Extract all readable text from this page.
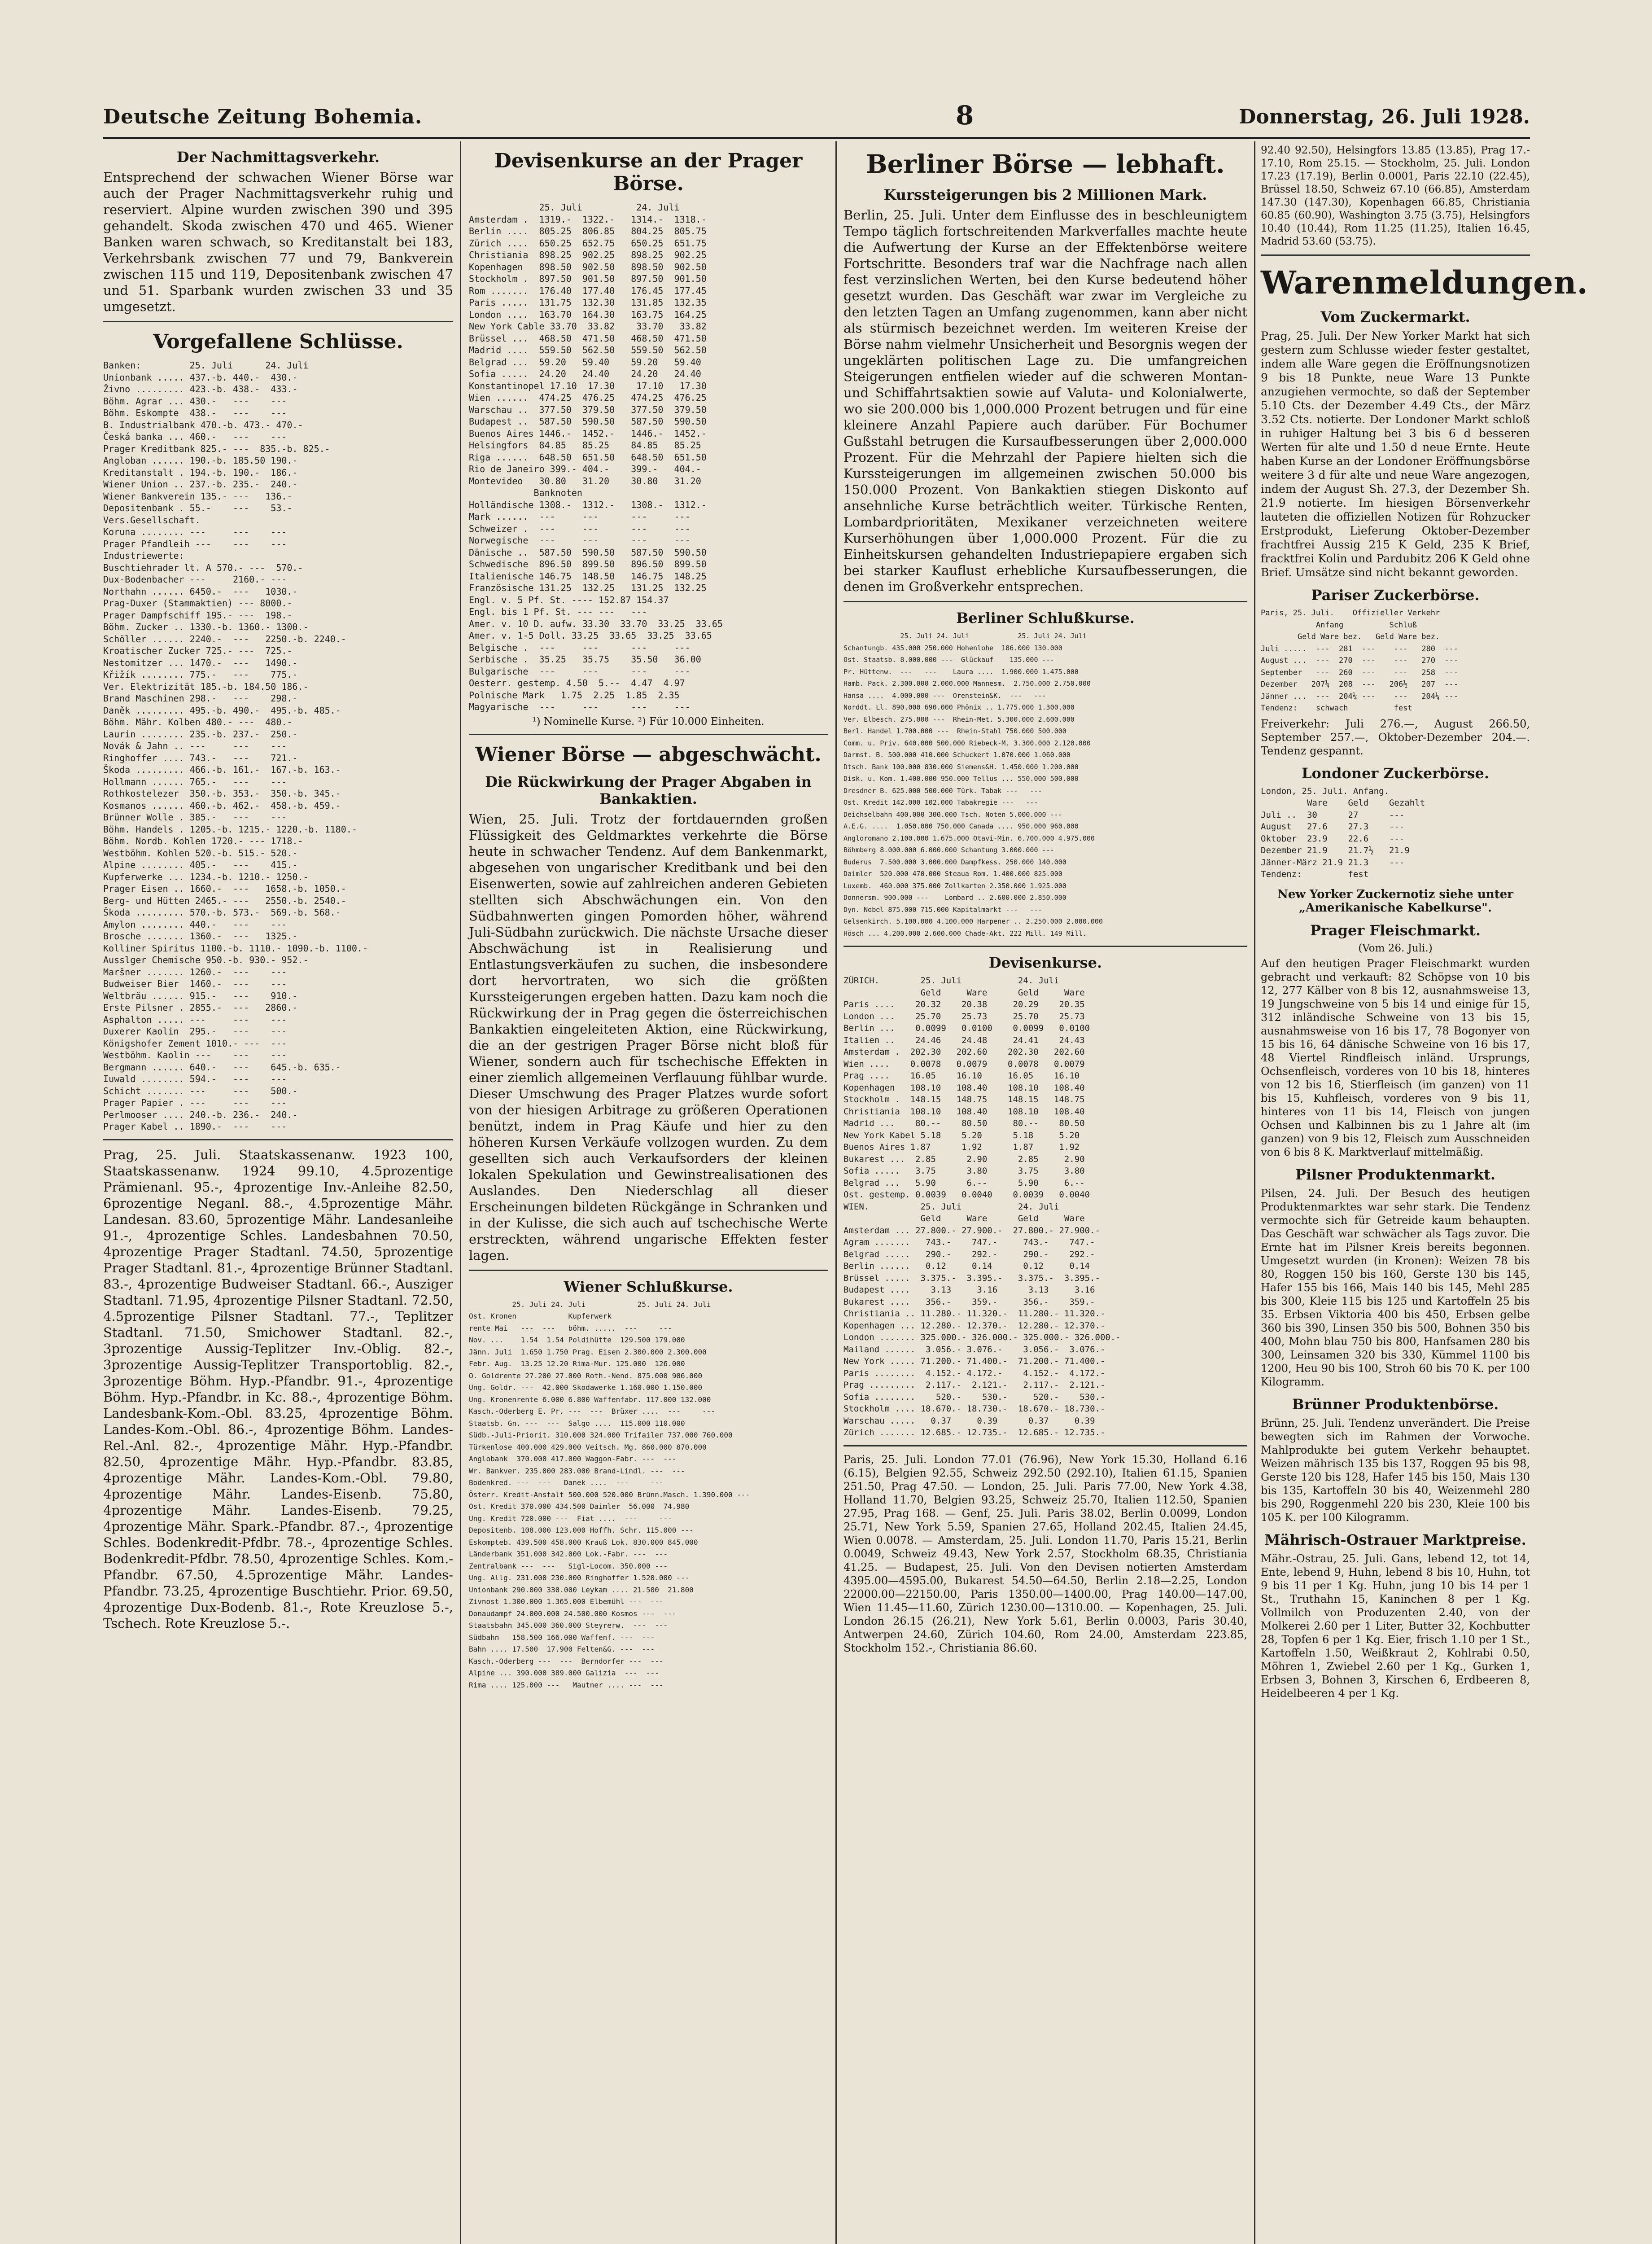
Deutsche Zeitung Bohemia.	8	Donnerstag, 26. Juli 1928.
Der Nachmittagsverkehr.

Entsprechend der schwachen Wiener Börse war auch der Prager Nachmittagsverkehr ruhig und reserviert. Alpine wurden zwischen 390 und 395 gehandelt. Skoda zwischen 470 und 465. Wiener Banken waren schwach, so Kreditanstalt bei 183, Verkehrsbank zwischen 77 und 79, Bankverein zwischen 115 und 119, Depositenbank zwischen 47 und 51. Sparbank wurden zwischen 33 und 35 umgesetzt.

Vorgefallene Schlüsse.
Banken:         25. Juli      24. Juli
Unionbank ..... 437.-b. 440.-  430.-
Živno ......... 423.-b. 438.-  433.-
Böhm. Agrar ... 430.-   ---    ---
Böhm. Eskompte  438.-   ---    ---
B. Industrialbank 470.-b. 473.- 470.-
Česká banka ... 460.-   ---    ---
Prager Kreditbank 825.- ---  835.-b. 825.-
Angloban ...... 190.-b. 185.50 190.-
Kreditanstalt . 194.-b. 190.-  186.-
Wiener Union .. 237.-b. 235.-  240.-
Wiener Bankverein 135.- ---   136.-
Depositenbank . 55.-    ---    53.-
Vers.Gesellschaft.
Koruna ........ ---     ---    ---
Prager Pfandleih ---    ---    ---
Industriewerte:
Buschtiehrader lt. A 570.- ---  570.-
Dux-Bodenbacher ---     2160.- ---
Northahn ...... 6450.-  ---   1030.-
Prag-Duxer (Stammaktien) --- 8000.-
Prager Dampfschiff 195.- ---  198.-
Böhm. Zucker .. 1330.-b. 1360.- 1300.-
Schöller ...... 2240.-  ---   2250.-b. 2240.-
Kroatischer Zucker 725.- ---  725.-
Nestomitzer ... 1470.-  ---   1490.-
Křižík ........ 775.-   ---    775.-
Ver. Elektrizität 185.-b. 184.50 186.-
Brand Maschinen 298.-   ---    298.-
Daněk ......... 495.-b. 490.-  495.-b. 485.-
Böhm. Mähr. Kolben 480.- ---  480.-
Laurin ........ 235.-b. 237.-  250.-
Novák & Jahn .. ---     ---    ---
Ringhoffer .... 743.-   ---    721.-
Škoda ......... 466.-b. 161.-  167.-b. 163.-
Hollmann ...... 765.-   ---    ---
Rothkostelezer  350.-b. 353.-  350.-b. 345.-
Kosmanos ...... 460.-b. 462.-  458.-b. 459.-
Brünner Wolle . 385.-   ---    ---
Böhm. Handels . 1205.-b. 1215.- 1220.-b. 1180.-
Böhm. Nordb. Kohlen 1720.- --- 1718.-
Westböhm. Kohlen 520.-b. 515.- 520.-
Alpine ........ 405.-   ---    415.-
Kupferwerke ... 1234.-b. 1210.- 1250.-
Prager Eisen .. 1660.-  ---   1658.-b. 1050.-
Berg- und Hütten 2465.- ---   2550.-b. 2540.-
Škoda ......... 570.-b. 573.-  569.-b. 568.-
Amylon ........ 440.-   ---    ---
Brosche ....... 1360.-  ---   1325.-
Kolliner Spiritus 1100.-b. 1110.- 1090.-b. 1100.-
Ausslger Chemische 950.-b. 930.- 952.-
Maršner ....... 1260.-  ---    ---
Budweiser Bier  1460.-  ---    ---
Weltbräu ...... 915.-   ---    910.-
Erste Pilsner . 2855.-  ---   2860.-
Asphalton ..... ---     ---    ---
Duxerer Kaolin  295.-   ---    ---
Königshofer Zement 1010.- ---  ---
Westböhm. Kaolin ---    ---    ---
Bergmann ...... 640.-   ---    645.-b. 635.-
Iuwald ........ 594.-   ---    ---
Schicht ....... ---     ---    500.-
Prager Papier . ---     ---    ---
Perlmooser .... 240.-b. 236.-  240.-
Prager Kabel .. 1890.-  ---    ---

Prag, 25. Juli. Staatskassenanw. 1923 100, Staatskassenanw. 1924 99.10, 4.5prozentige Prämienanl. 95.-, 4prozentige Inv.-Anleihe 82.50, 6prozentige Neganl. 88.-, 4.5prozentige Mähr. Landesan. 83.60, 5prozentige Mähr. Landesanleihe 91.-, 4prozentige Schles. Landesbahnen 70.50, 4prozentige Prager Stadtanl. 74.50, 5prozentige Prager Stadtanl. 81.-, 4prozentige Brünner Stadtanl. 83.-, 4prozentige Budweiser Stadtanl. 66.-, Ausziger Stadtanl. 71.95, 4prozentige Pilsner Stadtanl. 72.50, 4.5prozentige Pilsner Stadtanl. 77.-, Teplitzer Stadtanl. 71.50, Smichower Stadtanl. 82.-, 3prozentige Aussig-Teplitzer Inv.-Oblig. 82.-, 3prozentige Aussig-Teplitzer Transportoblig. 82.-, 3prozentige Böhm. Hyp.-Pfandbr. 91.-, 4prozentige Böhm. Hyp.-Pfandbr. in Kc. 88.-, 4prozentige Böhm. Landesbank-Kom.-Obl. 83.25, 4prozentige Böhm. Landes-Kom.-Obl. 86.-, 4prozentige Böhm. Landes-Rel.-Anl. 82.-, 4prozentige Mähr. Hyp.-Pfandbr. 82.50, 4prozentige Mähr. Hyp.-Pfandbr. 83.85, 4prozentige Mähr. Landes-Kom.-Obl. 79.80, 4prozentige Mähr. Landes-Eisenb. 75.80, 4prozentige Mähr. Landes-Eisenb. 79.25, 4prozentige Mähr. Spark.-Pfandbr. 87.-, 4prozentige Schles. Bodenkredit-Pfdbr. 78.-, 4prozentige Schles. Bodenkredit-Pfdbr. 78.50, 4prozentige Schles. Kom.-Pfandbr. 67.50, 4.5prozentige Mähr. Landes-Pfandbr. 73.25, 4prozentige Buschtiehr. Prior. 69.50, 4prozentige Dux-Bodenb. 81.-, Rote Kreuzlose 5.-, Tschech. Rote Kreuzlose 5.-.

Devisenkurse an der Prager Börse.
25. Juli          24. Juli
Amsterdam .  1319.-  1322.-   1314.-  1318.-
Berlin ....  805.25  806.85   804.25  805.75
Zürich ....  650.25  652.75   650.25  651.75
Christiania  898.25  902.25   898.25  902.25
Kopenhagen   898.50  902.50   898.50  902.50
Stockholm .  897.50  901.50   897.50  901.50
Rom .......  176.40  177.40   176.45  177.45
Paris .....  131.75  132.30   131.85  132.35
London ....  163.70  164.30   163.75  164.25
New York Cable 33.70  33.82    33.70   33.82
Brüssel ...  468.50  471.50   468.50  471.50
Madrid ....  559.50  562.50   559.50  562.50
Belgrad ...  59.20   59.40    59.20   59.40
Sofia .....  24.20   24.40    24.20   24.40
Konstantinopel 17.10  17.30    17.10   17.30
Wien ......  474.25  476.25   474.25  476.25
Warschau ..  377.50  379.50   377.50  379.50
Budapest ..  587.50  590.50   587.50  590.50
Buenos Aires 1446.-  1452.-   1446.-  1452.-
Helsingfors  84.85   85.25    84.85   85.25
Riga ......  648.50  651.50   648.50  651.50
Rio de Janeiro 399.- 404.-    399.-   404.-
Montevideo   30.80   31.20    30.80   31.20
Banknoten
Holländische 1308.-  1312.-   1308.-  1312.-
Mark ......  ---     ---      ---     ---
Schweizer .  ---     ---      ---     ---
Norwegische  ---     ---      ---     ---
Dänische ..  587.50  590.50   587.50  590.50
Schwedische  896.50  899.50   896.50  899.50
Italienische 146.75  148.50   146.75  148.25
Französische 131.25  132.25   131.25  132.25
Engl. v. 5 Pf. St. ---- 152.87 154.37
Engl. bis 1 Pf. St. --- ---   ---
Amer. v. 10 D. aufw. 33.30  33.70  33.25  33.65
Amer. v. 1-5 Doll. 33.25  33.65  33.25  33.65
Belgische .  ---     ---      ---     ---
Serbische .  35.25   35.75    35.50   36.00
Bulgarische  ---     ---      ---     ---
Oesterr. gestemp. 4.50  5.--  4.47  4.97
Polnische Mark   1.75  2.25  1.85  2.35
Magyarische  ---     ---      ---     ---
¹) Nominelle Kurse. ²) Für 10.000 Einheiten.
Wiener Börse — abgeschwächt.
Die Rückwirkung der Prager Abgaben in Bankaktien.

Wien, 25. Juli. Trotz der fortdauernden großen Flüssigkeit des Geldmarktes verkehrte die Börse heute in schwacher Tendenz. Auf dem Bankenmarkt, abgesehen von ungarischer Kreditbank und bei den Eisenwerten, sowie auf zahlreichen anderen Gebieten stellten sich Abschwächungen ein. Von den Südbahnwerten gingen Pomorden höher, während Juli-Südbahn zurückwich. Die nächste Ursache dieser Abschwächung ist in Realisierung und Entlastungsverkäufen zu suchen, die insbesondere dort hervortraten, wo sich die größten Kurssteigerungen ergeben hatten. Dazu kam noch die Rückwirkung der in Prag gegen die österreichischen Bankaktien eingeleiteten Aktion, eine Rückwirkung, die an der gestrigen Prager Börse nicht bloß für Wiener, sondern auch für tschechische Effekten in einer ziemlich allgemeinen Verflauung fühlbar wurde. Dieser Umschwung des Prager Platzes wurde sofort von der hiesigen Arbitrage zu größeren Operationen benützt, indem in Prag Käufe und hier zu den höheren Kursen Verkäufe vollzogen wurden. Zu dem gesellten sich auch Verkaufsorders der kleinen lokalen Spekulation und Gewinstrealisationen des Auslandes. Den Niederschlag all dieser Erscheinungen bildeten Rückgänge in Schranken und in der Kulisse, die sich auch auf tschechische Werte erstreckten, während ungarische Effekten fester lagen.

Wiener Schlußkurse.
25. Juli 24. Juli            25. Juli 24. Juli
Ost. Kronen            Kupferwerk
rente Mai   ---  ---   böhm. .....  ---     ---
Nov. ...    1.54  1.54 Poldihütte  129.500 179.000
Jänn. Juli  1.650 1.750 Prag. Eisen 2.300.000 2.300.000
Febr. Aug.  13.25 12.20 Rima-Mur. 125.000  126.000
O. Goldrente 27.200 27.000 Roth.-Nend. 875.000 906.000
Ung. Goldr. ---  42.000 Skodawerke 1.160.000 1.150.000
Ung. Kronenrente 6.000 6.800 Waffenfabr. 117.000 132.000
Kasch.-Oderberg E. Pr. ---  ---  Brüxer ....  ---     ---
Staatsb. Gn. ---  ---  Salgo ....  115.000 110.000
Südb.-Juli-Priorit. 310.000 324.000 Trifailer 737.000 760.000
Türkenlose 400.000 429.000 Veitsch. Mg. 860.000 870.000
Anglobank  370.000 417.000 Waggon-Fabr. ---  ---
Wr. Bankver. 235.000 283.000 Brand-Lindl. ---  ---
Bodenkred. ---  ---   Danek ....  ---     ---
Österr. Kredit-Anstalt 500.000 520.000 Brünn.Masch. 1.390.000 ---
Ost. Kredit 370.000 434.500 Daimler  56.000  74.980
Ung. Kredit 720.000 ---  Fiat ....  ---     ---
Depositenb. 108.000 123.000 Hoffh. Schr. 115.000 ---
Eskompteb. 439.500 458.000 Krauß Lok. 830.000 845.000
Länderbank 351.000 342.000 Lok.-Fabr. ---  ---
Zentralbank ---  ---   Sigl-Locom. 350.000 ---
Ung. Allg. 231.000 230.000 Ringhoffer 1.520.000 ---
Unionbank 290.000 330.000 Leykam .... 21.500  21.800
Zivnost 1.300.000 1.365.000 Elbemühl ---  ---
Donaudampf 24.000.000 24.500.000 Kosmos ---  ---
Staatsbahn 345.000 360.000 Steyrerw.  ---  ---
Südbahn   158.500 166.000 Waffenf. ---  ---
Bahn .... 17.500  17.900 Felten&G. ---  ---
Kasch.-Oderberg ---  ---  Berndorfer ---  ---
Alpine ... 390.000 389.000 Galizia  ---  ---
Rima .... 125.000 ---   Mautner .... ---  ---
Berliner Börse — lebhaft.
Kurssteigerungen bis 2 Millionen Mark.

Berlin, 25. Juli. Unter dem Einflusse des in beschleunigtem Tempo täglich fortschreitenden Markverfalles machte heute die Aufwertung der Kurse an der Effektenbörse weitere Fortschritte. Besonders traf war die Nachfrage nach allen fest verzinslichen Werten, bei den Kurse bedeutend höher gesetzt wurden. Das Geschäft war zwar im Vergleiche zu den letzten Tagen an Umfang zugenommen, kann aber nicht als stürmisch bezeichnet werden. Im weiteren Kreise der Börse nahm vielmehr Unsicherheit und Besorgnis wegen der ungeklärten politischen Lage zu. Die umfangreichen Steigerungen entfielen wieder auf die schweren Montan- und Schiffahrtsaktien sowie auf Valuta- und Kolonialwerte, wo sie 200.000 bis 1,000.000 Prozent betrugen und für eine kleinere Anzahl Papiere auch darüber. Für Bochumer Gußstahl betrugen die Kursaufbesserungen über 2,000.000 Prozent. Für die Mehrzahl der Papiere hielten sich die Kurssteigerungen im allgemeinen zwischen 50.000 bis 150.000 Prozent. Von Bankaktien stiegen Diskonto auf ansehnliche Kurse beträchtlich weiter. Türkische Renten, Lombardprioritäten, Mexikaner verzeichneten weitere Kurserhöhungen über 1,000.000 Prozent. Für die zu Einheitskursen gehandelten Industriepapiere ergaben sich bei starker Kauflust erhebliche Kursaufbesserungen, die denen im Großverkehr entsprechen.

Berliner Schlußkurse.
25. Juli 24. Juli            25. Juli 24. Juli
Schantungb. 435.000 250.000 Hohenlohe  186.000 130.000
Ost. Staatsb. 8.000.000 ---  Glückauf    135.000 ---
Pr. Hüttenw.  ---   ---    Laura ....  1.900.000 1.475.000
Hamb. Pack. 2.300.000 2.000.000 Mannesm.  2.750.000 2.750.000
Hansa ....  4.000.000 ---  Orenstein&K.  ---   ---
Norddt. Ll. 890.000 690.000 Phönix .. 1.775.000 1.300.000
Ver. Elbesch. 275.000 ---  Rhein-Met. 5.300.000 2.600.000
Berl. Handel 1.700.000 ---  Rhein-Stahl 750.000 500.000
Comm. u. Priv. 640.000 500.000 Riebeck-M. 3.300.000 2.120.000
Darmst. B. 500.000 410.000 Schuckert 1.070.000 1.060.000
Dtsch. Bank 100.000 830.000 Siemens&H. 1.450.000 1.200.000
Disk. u. Kom. 1.400.000 950.000 Tellus ... 550.000 500.000
Dresdner B. 625.000 500.000 Türk. Tabak ---   ---
Ost. Kredit 142.000 102.000 Tabakregie ---   ---
Deichselbahn 400.000 300.000 Tsch. Noten 5.000.000 ---
A.E.G. ....  1.050.000 750.000 Canada .... 950.000 960.000
Angloromano 2.100.000 1.675.000 Otavi-Min. 6.700.000 4.975.000
Böhmberg 8.000.000 6.000.000 Schantung 3.000.000 ---
Buderus  7.500.000 3.000.000 Dampfkess. 250.000 140.000
Daimler  520.000 470.000 Steaua Rom. 1.400.000 825.000
Luxemb.  460.000 375.000 Zollkarten 2.350.000 1.925.000
Donnersm. 900.000 ---    Lombard .. 2.600.000 2.850.000
Dyn. Nobel 875.000 715.000 Kapitalmarkt ---   ---
Gelsenkirch. 5.100.000 4.100.000 Harpener .. 2.250.000 2.000.000
Hösch ... 4.200.000 2.600.000 Chade-Akt. 222 Mill. 149 Mill.
Devisenkurse.
ZÜRICH.        25. Juli           24. Juli
Geld     Ware      Geld     Ware
Paris ....    20.32    20.38     20.29    20.35
London ...    25.70    25.73     25.70    25.73
Berlin ...    0.0099   0.0100    0.0099   0.0100
Italien ..    24.46    24.48     24.41    24.43
Amsterdam .  202.30   202.60    202.30   202.60
Wien ....    0.0078   0.0079    0.0078   0.0079
Prag ....    16.05    16.10     16.05    16.10
Kopenhagen   108.10   108.40    108.10   108.40
Stockholm .  148.15   148.75    148.15   148.75
Christiania  108.10   108.40    108.10   108.40
Madrid ...    80.--    80.50     80.--    80.50
New York Kabel 5.18    5.20      5.18     5.20
Buenos Aires 1.87      1.92      1.87     1.92
Bukarest ...  2.85      2.90      2.85     2.90
Sofia .....   3.75      3.80      3.75     3.80
Belgrad ...   5.90      6.--      5.90     6.--
Ost. gestemp. 0.0039   0.0040    0.0039   0.0040
WIEN.          25. Juli           24. Juli
Geld     Ware      Geld     Ware
Amsterdam ... 27.800.- 27.900.-  27.800.- 27.900.-
Agram .......   743.-    747.-     743.-    747.-
Belgrad .....   290.-    292.-     290.-    292.-
Berlin ......   0.12     0.14      0.12     0.14
Brüssel .....  3.375.-  3.395.-   3.375.-  3.395.-
Budapest ....    3.13     3.16      3.13     3.16
Bukarest ....   356.-    359.-     356.-    359.-
Christiania .. 11.280.- 11.320.-  11.280.- 11.320.-
Kopenhagen ... 12.280.- 12.370.-  12.280.- 12.370.-
London ....... 325.000.- 326.000.- 325.000.- 326.000.-
Mailand ......  3.056.- 3.076.-    3.056.-  3.076.-
New York ..... 71.200.- 71.400.-  71.200.- 71.400.-
Paris ........  4.152.- 4.172.-    4.152.-  4.172.-
Prag .........  2.117.-  2.121.-   2.117.-  2.121.-
Sofia ........    520.-    530.-     520.-    530.-
Stockholm .... 18.670.- 18.730.-  18.670.- 18.730.-
Warschau .....   0.37     0.39      0.37     0.39
Zürich ....... 12.685.- 12.735.-  12.685.- 12.735.-

Paris, 25. Juli. London 77.01 (76.96), New York 15.30, Holland 6.16 (6.15), Belgien 92.55, Schweiz 292.50 (292.10), Italien 61.15, Spanien 251.50, Prag 47.50. — London, 25. Juli. Paris 77.00, New York 4.38, Holland 11.70, Belgien 93.25, Schweiz 25.70, Italien 112.50, Spanien 27.95, Prag 168. — Genf, 25. Juli. Paris 38.02, Berlin 0.0099, London 25.71, New York 5.59, Spanien 27.65, Holland 202.45, Italien 24.45, Wien 0.0078. — Amsterdam, 25. Juli. London 11.70, Paris 15.21, Berlin 0.0049, Schweiz 49.43, New York 2.57, Stockholm 68.35, Christiania 41.25. — Budapest, 25. Juli. Von den Devisen notierten Amsterdam 4395.00—4595.00, Bukarest 54.50—64.50, Berlin 2.18—2.25, London 22000.00—22150.00, Paris 1350.00—1400.00, Prag 140.00—147.00, Wien 11.45—11.60, Zürich 1230.00—1310.00. — Kopenhagen, 25. Juli. London 26.15 (26.21), New York 5.61, Berlin 0.0003, Paris 30.40, Antwerpen 24.60, Zürich 104.60, Rom 24.00, Amsterdam 223.85, Stockholm 152.-, Christiania 86.60.

92.40 92.50), Helsingfors 13.85 (13.85), Prag 17.- 17.10, Rom 25.15. — Stockholm, 25. Juli. London 17.23 (17.19), Berlin 0.0001, Paris 22.10 (22.45), Brüssel 18.50, Schweiz 67.10 (66.85), Amsterdam 147.30 (147.30), Kopenhagen 66.85, Christiania 60.85 (60.90), Washington 3.75 (3.75), Helsingfors 10.40 (10.44), Rom 11.25 (11.25), Italien 16.45, Madrid 53.60 (53.75).

Warenmeldungen.
Vom Zuckermarkt.

Prag, 25. Juli. Der New Yorker Markt hat sich gestern zum Schlusse wieder fester gestaltet, indem alle Ware gegen die Eröffnungsnotizen 9 bis 18 Punkte, neue Ware 13 Punkte anzugiehen vermochte, so daß der September 5.10 Cts. der Dezember 4.49 Cts., der März 3.52 Cts. notierte. Der Londoner Markt schloß in ruhiger Haltung bei 3 bis 6 d besseren Werten für alte und 1.50 d neue Ernte. Heute haben Kurse an der Londoner Eröffnungsbörse weitere 3 d für alte und neue Ware angezogen, indem der August Sh. 27.3, der Dezember Sh. 21.9 notierte. Im hiesigen Börsenverkehr lauteten die offiziellen Notizen für Rohzucker Erstprodukt, Lieferung Oktober-Dezember frachtfrei Aussig 215 K Geld, 235 K Brief, fracktfrei Kolin und Pardubitz 206 K Geld ohne Brief. Umsätze sind nicht bekannt geworden.

Pariser Zuckerbörse.
Paris, 25. Juli.    Offizieller Verkehr
Anfang          Schluß
Geld Ware bez.   Geld Ware bez.
Juli .....  ---  281  ---    ---   280  ---
August ...  ---  270  ---    ---   270  ---
September   ---  260  ---    ---   258  ---
Dezember   207¼  208  ---   206½   207  ---
Jänner ...  ---  204¼ ---    ---   204¼ ---
Tendenz:    schwach          fest

Freiverkehr: Juli 276.—, August 266.50, September 257.—, Oktober-Dezember 204.—. Tendenz gespannt.

Londoner Zuckerbörse.
London, 25. Juli. Anfang.
Ware    Geld    Gezahlt
Juli ..  30      27      ---
August   27.6    27.3    ---
Oktober  23.9    22.6    ---
Dezember 21.9    21.7½   21.9
Jänner-März 21.9 21.3    ---
Tendenz:         fest
New Yorker Zuckernotiz siehe unter „Amerikanische Kabelkurse".
Prager Fleischmarkt.
(Vom 26. Juli.)

Auf den heutigen Prager Fleischmarkt wurden gebracht und verkauft: 82 Schöpse von 10 bis 12, 277 Kälber von 8 bis 12, ausnahmsweise 13, 19 Jungschweine von 5 bis 14 und einige für 15, 312 inländische Schweine von 13 bis 15, ausnahmsweise von 16 bis 17, 78 Bogonyer von 15 bis 16, 64 dänische Schweine von 16 bis 17, 48 Viertel Rindfleisch inländ. Ursprungs, Ochsenfleisch, vorderes von 10 bis 18, hinteres von 12 bis 16, Stierfleisch (im ganzen) von 11 bis 15, Kuhfleisch, vorderes von 9 bis 11, hinteres von 11 bis 14, Fleisch von jungen Ochsen und Kalbinnen bis zu 1 Jahre alt (im ganzen) von 9 bis 12, Fleisch zum Ausschneiden von 6 bis 8 K. Marktverlauf mittelmäßig.

Pilsner Produktenmarkt.

Pilsen, 24. Juli. Der Besuch des heutigen Produktenmarktes war sehr stark. Die Tendenz vermochte sich für Getreide kaum behaupten. Das Geschäft war schwächer als Tags zuvor. Die Ernte hat im Pilsner Kreis bereits begonnen. Umgesetzt wurden (in Kronen): Weizen 78 bis 80, Roggen 150 bis 160, Gerste 130 bis 145, Hafer 155 bis 166, Mais 140 bis 145, Mehl 285 bis 300, Kleie 115 bis 125 und Kartoffeln 25 bis 35. Erbsen Viktoria 400 bis 450, Erbsen gelbe 360 bis 390, Linsen 350 bis 500, Bohnen 350 bis 400, Mohn blau 750 bis 800, Hanfsamen 280 bis 300, Leinsamen 320 bis 330, Kümmel 1100 bis 1200, Heu 90 bis 100, Stroh 60 bis 70 K. per 100 Kilogramm.

Brünner Produktenbörse.

Brünn, 25. Juli. Tendenz unverändert. Die Preise bewegten sich im Rahmen der Vorwoche. Mahlprodukte bei gutem Verkehr behauptet. Weizen mährisch 135 bis 137, Roggen 95 bis 98, Gerste 120 bis 128, Hafer 145 bis 150, Mais 130 bis 135, Kartoffeln 30 bis 40, Weizenmehl 280 bis 290, Roggenmehl 220 bis 230, Kleie 100 bis 105 K. per 100 Kilogramm.

Mährisch-Ostrauer Marktpreise.

Mähr.-Ostrau, 25. Juli. Gans, lebend 12, tot 14, Ente, lebend 9, Huhn, lebend 8 bis 10, Huhn, tot 9 bis 11 per 1 Kg. Huhn, jung 10 bis 14 per 1 St., Truthahn 15, Kaninchen 8 per 1 Kg. Vollmilch von Produzenten 2.40, von der Molkerei 2.60 per 1 Liter, Butter 32, Kochbutter 28, Topfen 6 per 1 Kg. Eier, frisch 1.10 per 1 St., Kartoffeln 1.50, Weißkraut 2, Kohlrabi 0.50, Möhren 1, Zwiebel 2.60 per 1 Kg., Gurken 1, Erbsen 3, Bohnen 3, Kirschen 6, Erdbeeren 8, Heidelbeeren 4 per 1 Kg.
